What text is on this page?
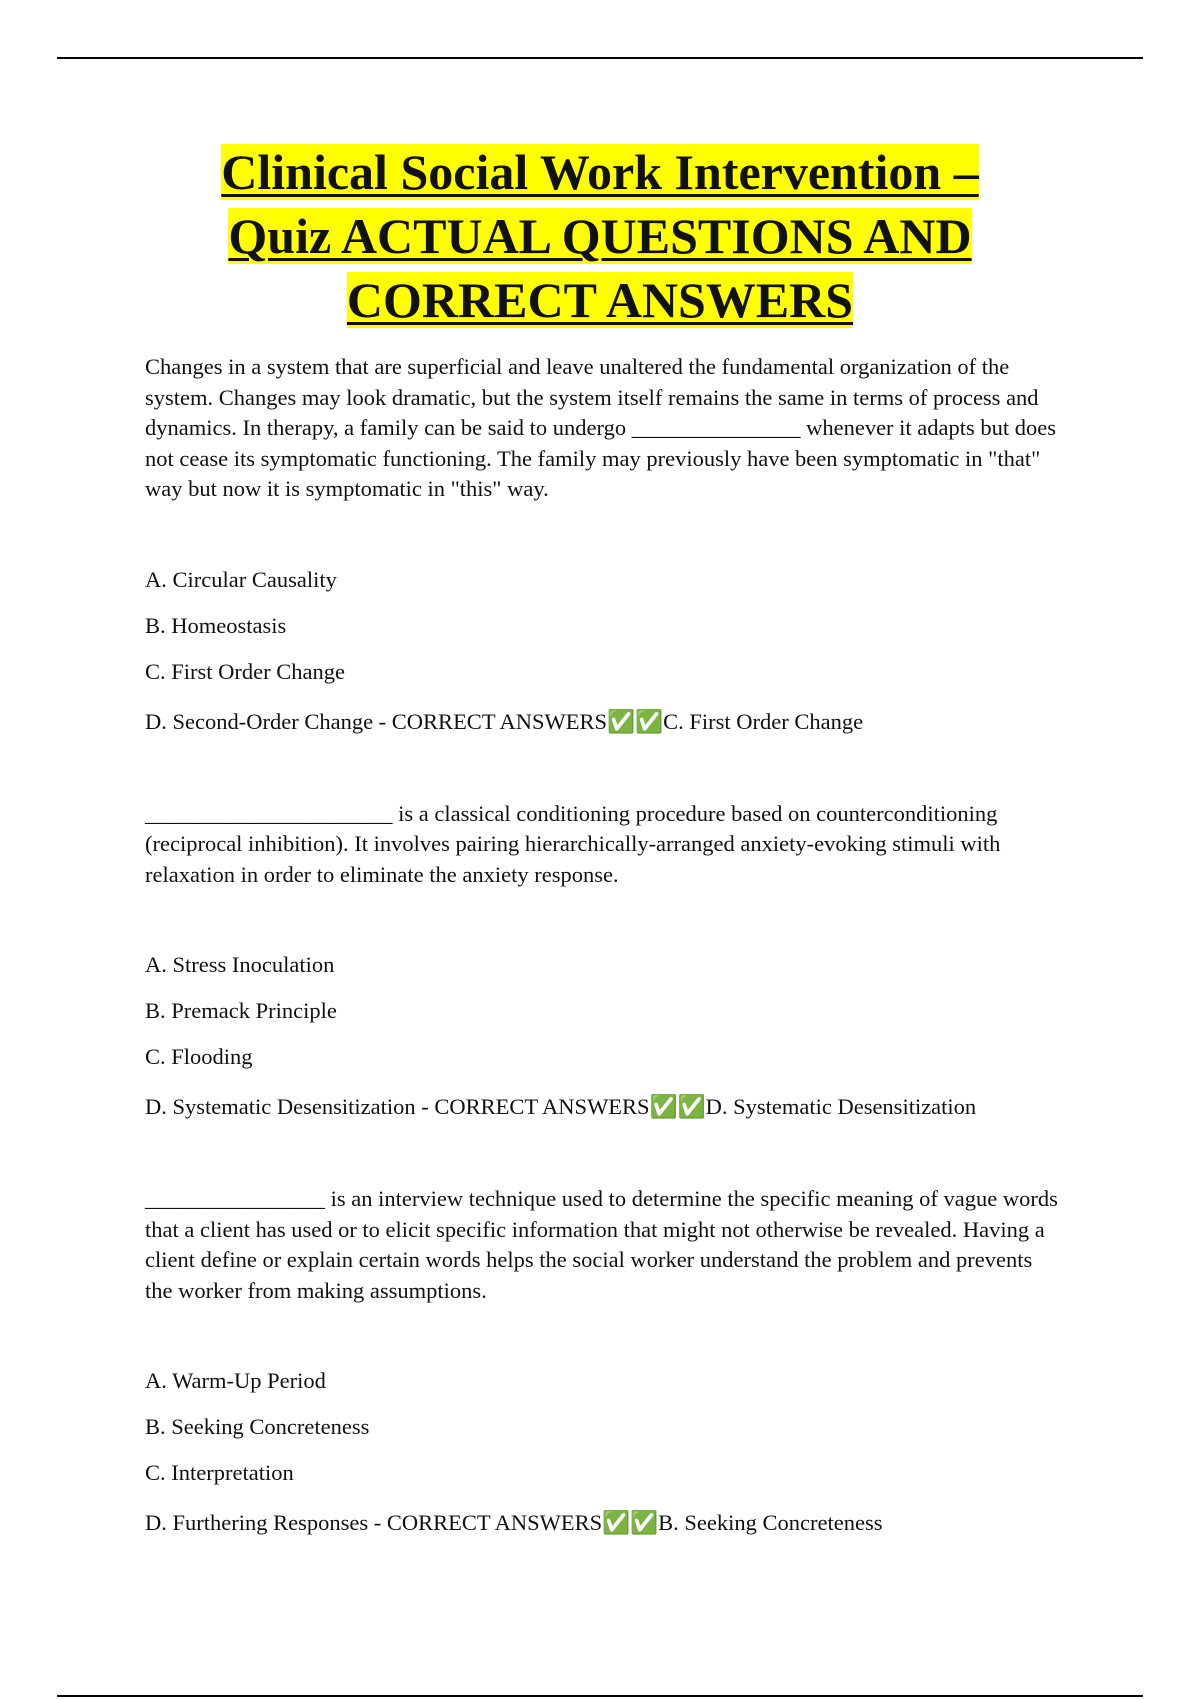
Clinical Social Work Intervention –
Quiz ACTUAL QUESTIONS AND
CORRECT ANSWERS

Changes in a system that are superficial and leave unaltered the fundamental organization of the system. Changes may look dramatic, but the system itself remains the same in terms of process and dynamics. In therapy, a family can be said to undergo _______________ whenever it adapts but does not cease its symptomatic functioning. The family may previously have been symptomatic in "that" way but now it is symptomatic in "this" way.

A. Circular Causality
B. Homeostasis
C. First Order Change
D. Second-Order Change - CORRECT ANSWERS✅✅C. First Order Change

______________________ is a classical conditioning procedure based on counterconditioning (reciprocal inhibition). It involves pairing hierarchically-arranged anxiety-evoking stimuli with relaxation in order to eliminate the anxiety response.

A. Stress Inoculation
B. Premack Principle
C. Flooding
D. Systematic Desensitization - CORRECT ANSWERS✅✅D. Systematic Desensitization

________________ is an interview technique used to determine the specific meaning of vague words that a client has used or to elicit specific information that might not otherwise be revealed. Having a client define or explain certain words helps the social worker understand the problem and prevents the worker from making assumptions.

A. Warm-Up Period
B. Seeking Concreteness
C. Interpretation
D. Furthering Responses - CORRECT ANSWERS✅✅B. Seeking Concreteness
